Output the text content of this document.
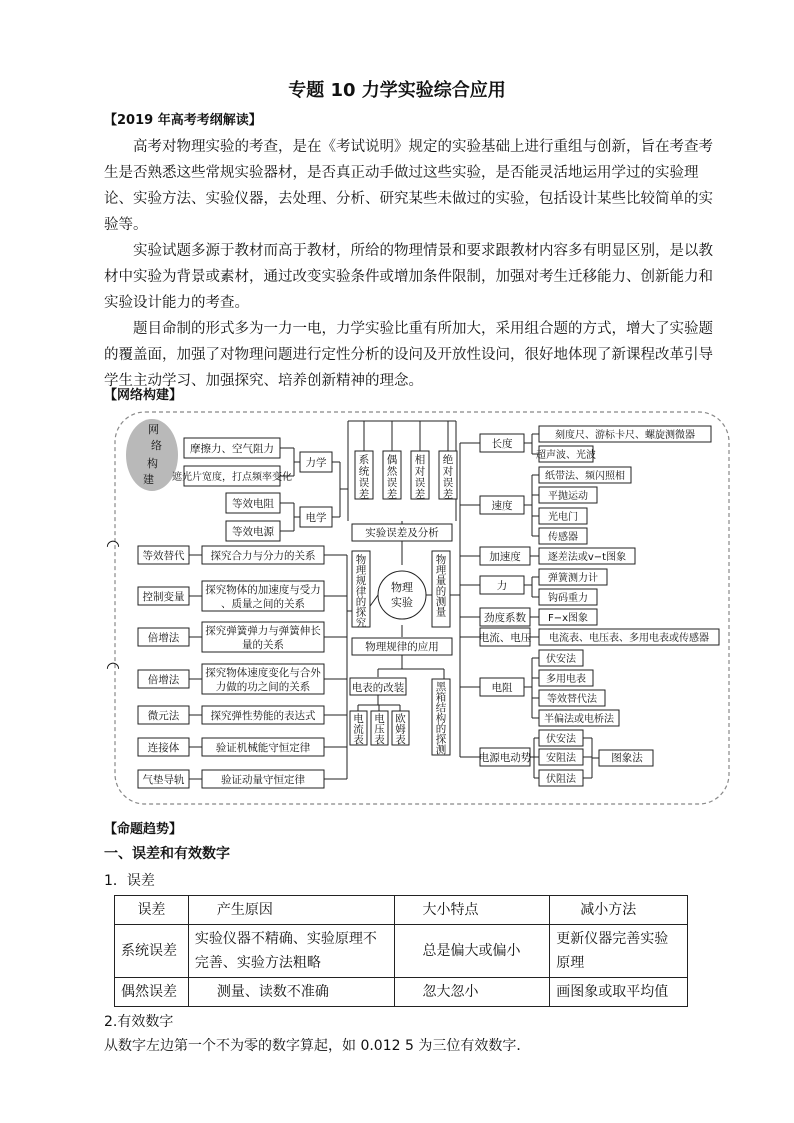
专题 10 力学实验综合应用
【2019 年高考考纲解读】

高考对物理实验的考查，是在《考试说明》规定的实验基础上进行重组与创新，旨在考查考生是否熟悉这些常规实验器材，是否真正动手做过这些实验，是否能灵活地运用学过的实验理论、实验方法、实验仪器，去处理、分析、研究某些未做过的实验，包括设计某些比较简单的实验等。

实验试题多源于教材而高于教材，所给的物理情景和要求跟教材内容多有明显区别，是以教材中实验为背景或素材，通过改变实验条件或增加条件限制，加强对考生迁移能力、创新能力和实验设计能力的考查。

题目命制的形式多为一力一电，力学实验比重有所加大，采用组合题的方式，增大了实验题的覆盖面，加强了对物理问题进行定性分析的设问及开放性设问，很好地体现了新课程改革引导学生主动学习、加强探究、培养创新精神的理念。

【网络构建】
网
络
构
建
◠
◠
摩擦力、空气阻力
遮光片宽度，打点频率变化
力学
等效电阻
等效电源
电学
实验误差及分析
物理规律的应用
电表的改装
物理
实验
图象法
系
统
误
差
偶
然
误
差
相
对
误
差
绝
对
误
差
物
理
规
律
的
探
究
物
理
量
的
测
量
电
流
表
电
压
表
欧
姆
表
黑
箱
结
构
的
探
测
等效替代 探究合力与分力的关系
控制变量
探究物体的加速度与受力
、质量之间的关系
倍增法
探究弹簧弹力与弹簧伸长
量的关系
倍增法
探究物体速度变化与合外
力做的功之间的关系
微元法	探究弹性势能的表达式
连接体	验证机械能守恒定律
气垫导轨	验证动量守恒定律
长度
刻度尺、游标卡尺、螺旋测微器
超声波、光波
速度
纸带法、频闪照相
平抛运动
光电门
传感器
加速度	逐差法或v−t图象
力
弹簧测力计
钩码重力
劲度系数 F−x图象
电流、电压 电流表、电压表、多用电表或传感器
电阻
伏安法
多用电表
等效替代法
半偏法或电桥法
电源电动势
伏安法
安阻法
伏阻法
【命题趋势】
一、误差和有效数字
1．误差
误差	产生原因	大小特点	减小方法
系统误差	实验仪器不精确、实验原理不完善、实验方法粗略	总是偏大或偏小	更新仪器完善实验原理
偶然误差	测量、读数不准确	忽大忽小	画图象或取平均值
2.有效数字
从数字左边第一个不为零的数字算起，如 0.012 5 为三位有效数字．
